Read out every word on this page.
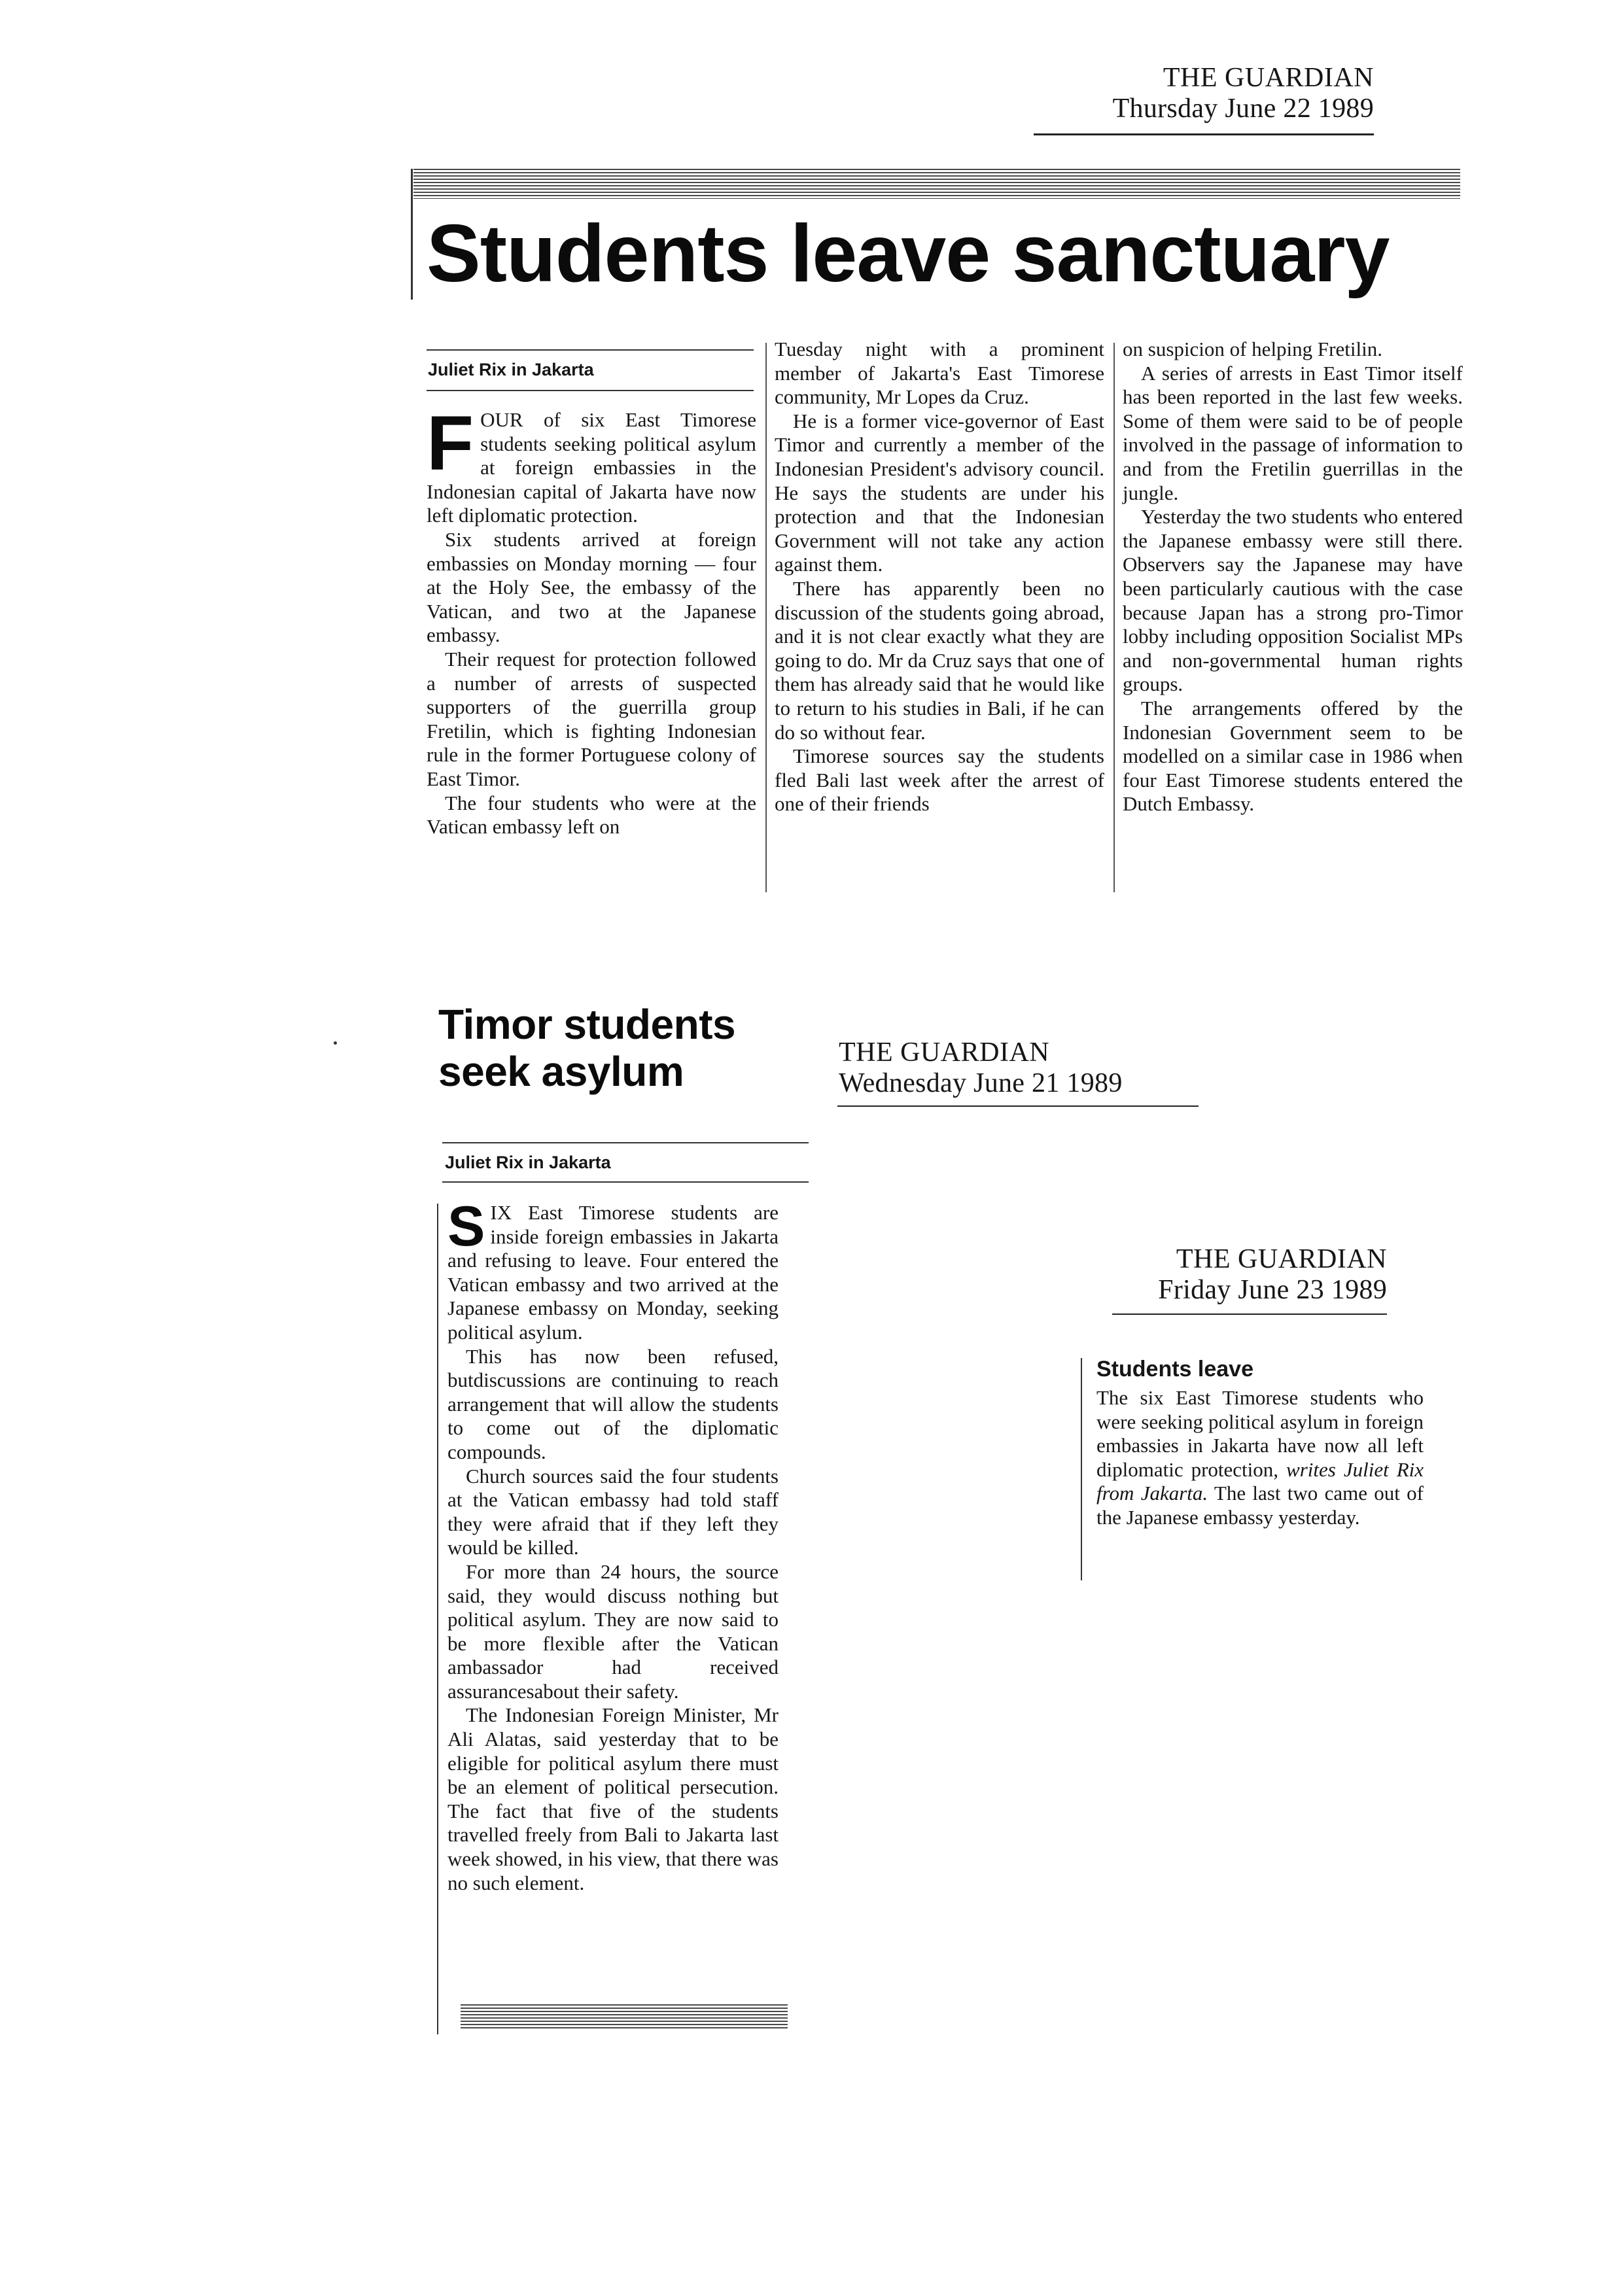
THE GUARDIAN
Thursday June 22 1989
Students leave sanctuary
Juliet Rix in Jakarta
F OUR of six East Timorese students seeking political asylum at foreign embassies in the Indonesian capital of Jakarta have now left diplomatic protection.

Six students arrived at foreign embassies on Monday morning — four at the Holy See, the embassy of the Vatican, and two at the Japanese embassy.

Their request for protection followed a number of arrests of suspected supporters of the guerrilla group Fretilin, which is fighting Indonesian rule in the former Portuguese colony of East Timor.

The four students who were at the Vatican embassy left on

Tuesday night with a prominent member of Jakarta's East Timorese community, Mr Lopes da Cruz.

He is a former vice-governor of East Timor and currently a member of the Indonesian President's advisory council. He says the students are under his protection and that the Indonesian Government will not take any action against them.

There has apparently been no discussion of the students going abroad, and it is not clear exactly what they are going to do. Mr da Cruz says that one of them has already said that he would like to return to his studies in Bali, if he can do so without fear.

Timorese sources say the students fled Bali last week after the arrest of one of their friends

on suspicion of helping Fretilin.

A series of arrests in East Timor itself has been reported in the last few weeks. Some of them were said to be of people involved in the passage of information to and from the Fretilin guerrillas in the jungle.

Yesterday the two students who entered the Japanese embassy were still there. Observers say the Japanese may have been particularly cautious with the case because Japan has a strong pro-Timor lobby including opposition Socialist MPs and non-governmental human rights groups.

The arrangements offered by the Indonesian Government seem to be modelled on a similar case in 1986 when four East Timorese students entered the Dutch Embassy.

Timor students
seek asylum	THE GUARDIAN
Wednesday June 21 1989
Juliet Rix in Jakarta
S IX East Timorese students are inside foreign embassies in Jakarta and refusing to leave. Four entered the Vatican embassy and two arrived at the Japanese embassy on Monday, seeking political asylum.

This has now been refused, butdiscussions are continuing to reach arrangement that will allow the students to come out of the diplomatic compounds.

Church sources said the four students at the Vatican embassy had told staff they were afraid that if they left they would be killed.

For more than 24 hours, the source said, they would discuss nothing but political asylum. They are now said to be more flexible after the Vatican ambassador had received assurancesabout their safety.

The Indonesian Foreign Minister, Mr Ali Alatas, said yesterday that to be eligible for political asylum there must be an element of political persecution. The fact that five of the students travelled freely from Bali to Jakarta last week showed, in his view, that there was no such element.

THE GUARDIAN
Friday June 23 1989
Students leave
The six East Timorese students who were seeking political asylum in foreign embassies in Jakarta have now all left diplomatic protection, writes Juliet Rix from Jakarta. The last two came out of the Japanese embassy yesterday.
